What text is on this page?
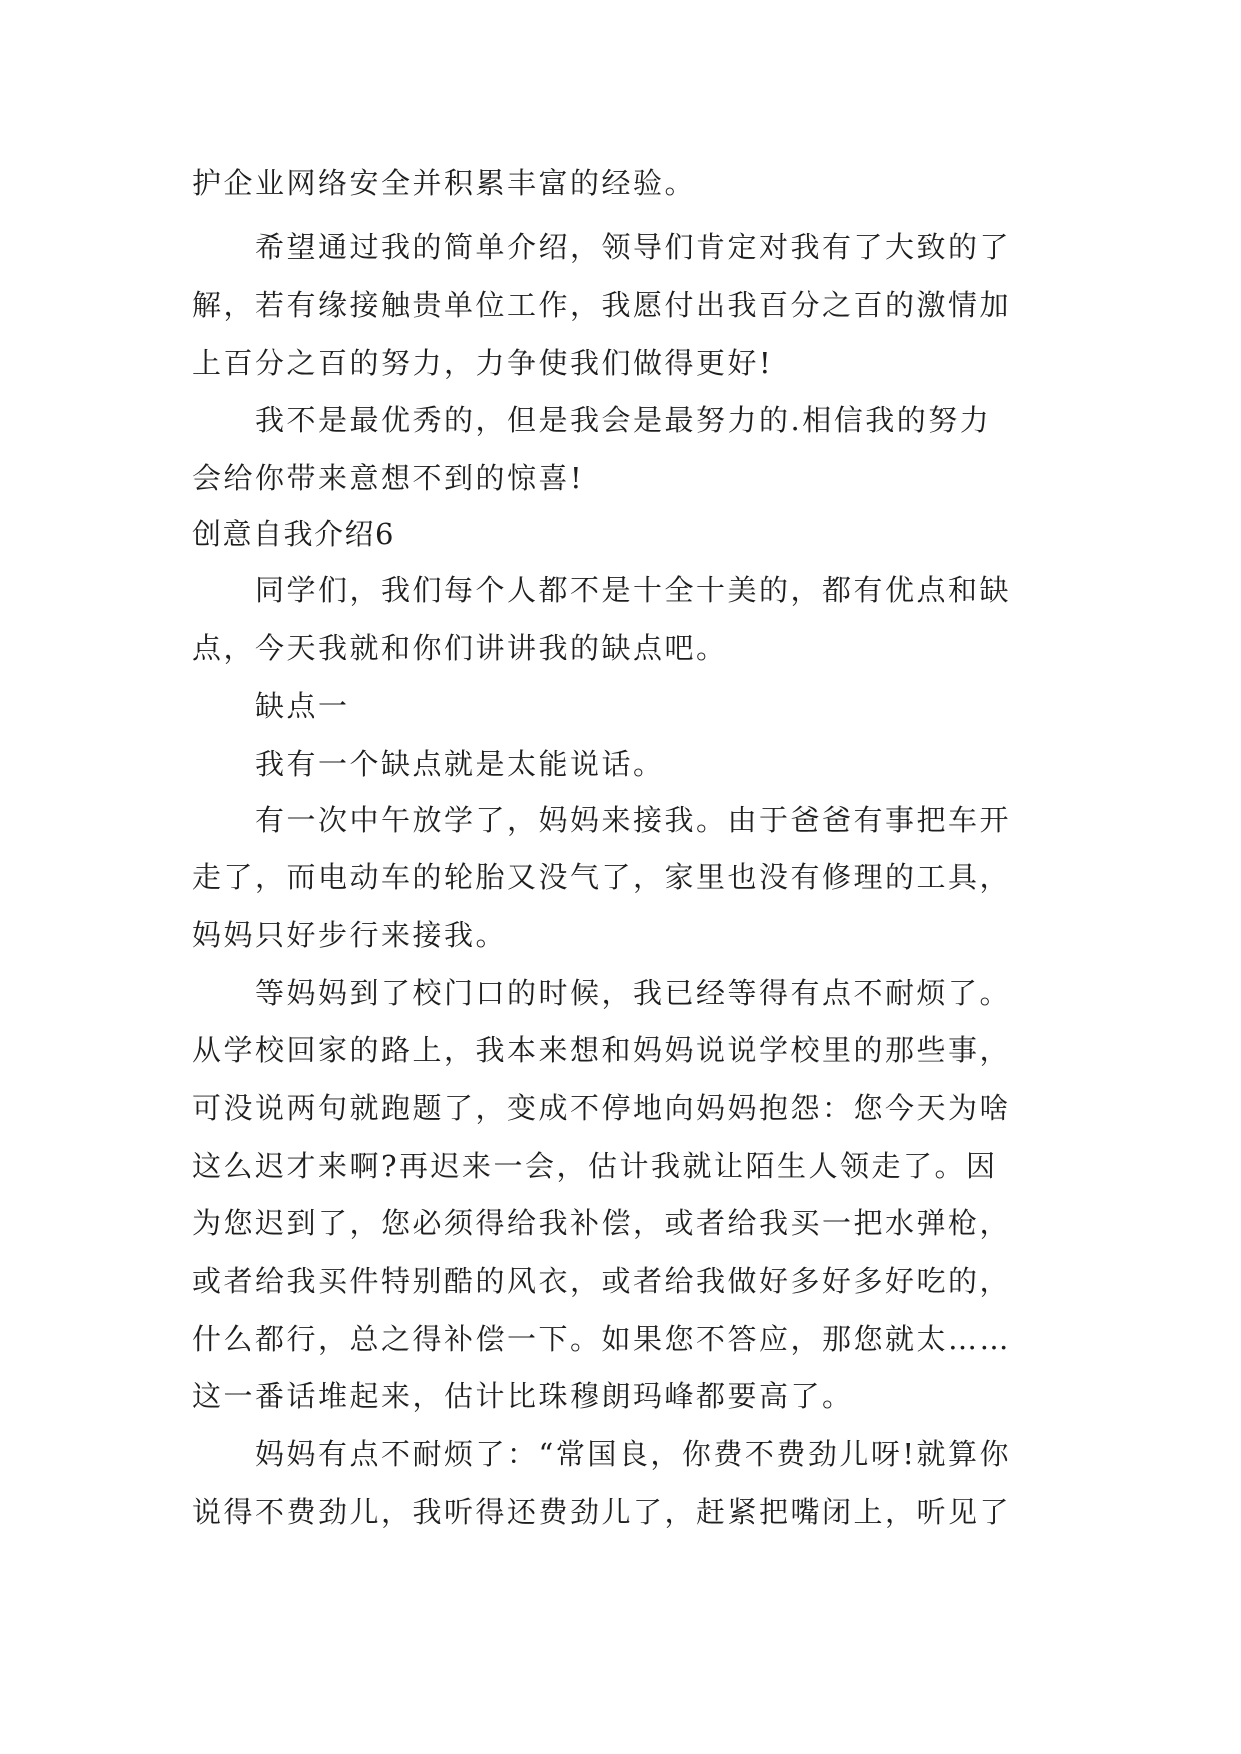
护企业网络安全并积累丰富的经验。
希望通过我的简单介绍，领导们肯定对我有了大致的了
解，若有缘接触贵单位工作，我愿付出我百分之百的激情加
上百分之百的努力，力争使我们做得更好!
我不是最优秀的，但是我会是最努力的.相信我的努力
会给你带来意想不到的惊喜!
创意自我介绍6
同学们，我们每个人都不是十全十美的，都有优点和缺
点，今天我就和你们讲讲我的缺点吧。
缺点一
我有一个缺点就是太能说话。
有一次中午放学了，妈妈来接我。由于爸爸有事把车开
走了，而电动车的轮胎又没气了，家里也没有修理的工具，
妈妈只好步行来接我。
等妈妈到了校门口的时候，我已经等得有点不耐烦了。
从学校回家的路上，我本来想和妈妈说说学校里的那些事，
可没说两句就跑题了，变成不停地向妈妈抱怨：您今天为啥
这么迟才来啊?再迟来一会，估计我就让陌生人领走了。因
为您迟到了，您必须得给我补偿，或者给我买一把水弹枪，
或者给我买件特别酷的风衣，或者给我做好多好多好吃的，
什么都行，总之得补偿一下。如果您不答应，那您就太……
这一番话堆起来，估计比珠穆朗玛峰都要高了。
妈妈有点不耐烦了：“常国良，你费不费劲儿呀!就算你
说得不费劲儿，我听得还费劲儿了，赶紧把嘴闭上，听见了
